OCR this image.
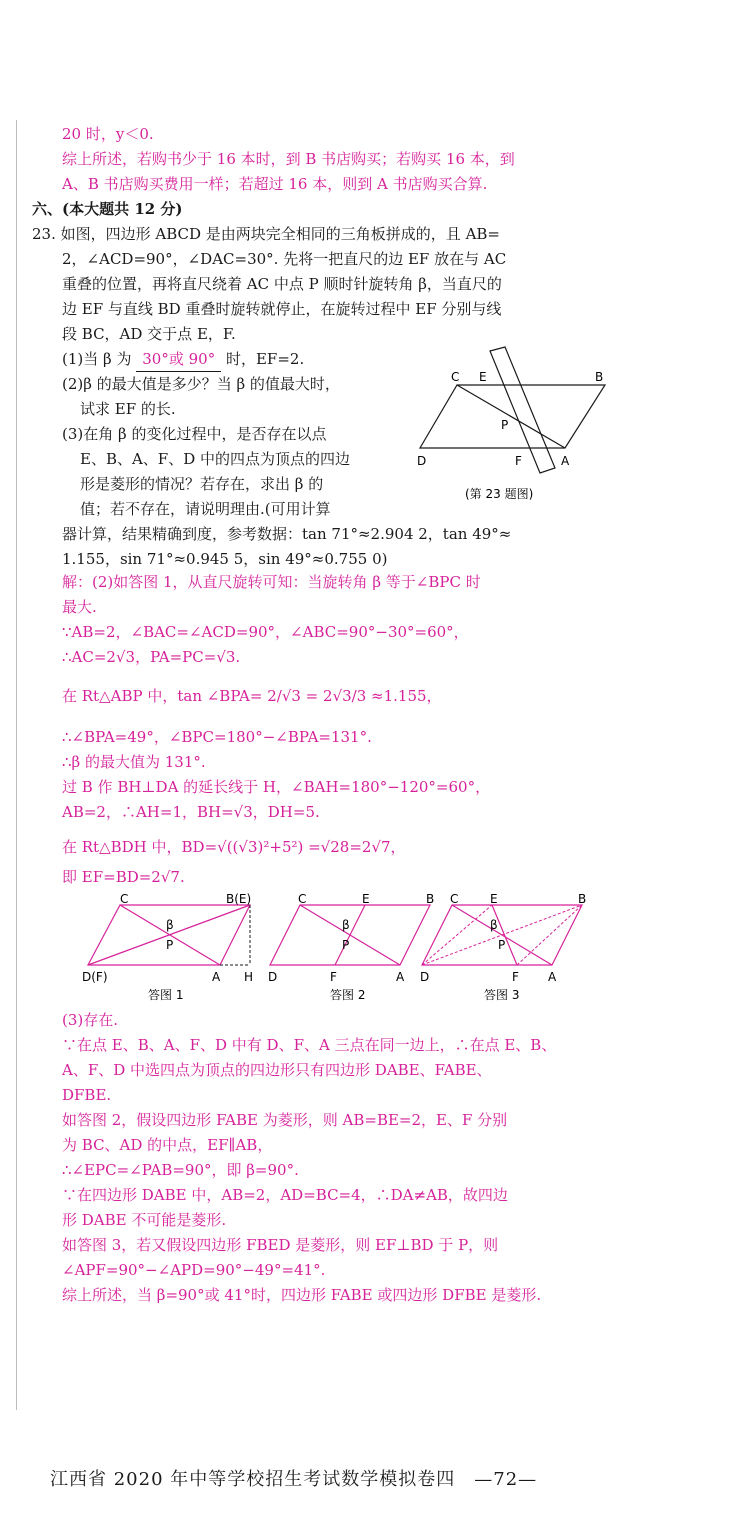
20 时，y＜0.
综上所述，若购书少于 16 本时，到 B 书店购买；若购买 16 本，到
A、B 书店购买费用一样；若超过 16 本，则到 A 书店购买合算.
六、(本大题共 12 分)
23. 如图，四边形 ABCD 是由两块完全相同的三角板拼成的，且 AB=
2，∠ACD=90°，∠DAC=30°. 先将一把直尺的边 EF 放在与 AC
重叠的位置，再将直尺绕着 AC 中点 P 顺时针旋转角 β，当直尺的
边 EF 与直线 BD 重叠时旋转就停止，在旋转过程中 EF 分别与线
段 BC，AD 交于点 E，F.
(1)当 β 为 30°或 90° 时，EF=2.
(2)β 的最大值是多少？当 β 的值最大时，
试求 EF 的长.
(3)在角 β 的变化过程中，是否存在以点
E、B、A、F、D 中的四点为顶点的四边
形是菱形的情况？若存在，求出 β 的
值；若不存在，请说明理由.(可用计算
器计算，结果精确到度，参考数据：tan 71°≈2.904 2，tan 49°≈
1.155，sin 71°≈0.945 5，sin 49°≈0.755 0)
C E	B
P
D	F	A
(第 23 题图)
解：(2)如答图 1，从直尺旋转可知：当旋转角 β 等于∠BPC 时
最大.
∵AB=2，∠BAC=∠ACD=90°，∠ABC=90°−30°=60°，
∴AC=2√3，PA=PC=√3.
在 Rt△ABP 中，tan ∠BPA= 2/√3 = 2√3/3 ≈1.155，
∴∠BPA=49°，∠BPC=180°−∠BPA=131°.
∴β 的最大值为 131°.
过 B 作 BH⊥DA 的延长线于 H，∠BAH=180°−120°=60°，
AB=2，∴AH=1，BH=√3，DH=5.
在 Rt△BDH 中，BD=√((√3)²+5²) =√28=2√7，
即 EF=BD=2√7.
C	B(E)
β
P
D(F)	A H
答图 1
C	E	B
β
P
D	F	A
答图 2
C	E	B
β
P
D	F A
答图 3
(3)存在.
∵在点 E、B、A、F、D 中有 D、F、A 三点在同一边上，∴在点 E、B、
A、F、D 中选四点为顶点的四边形只有四边形 DABE、FABE、
DFBE.
如答图 2，假设四边形 FABE 为菱形，则 AB=BE=2，E、F 分别
为 BC、AD 的中点，EF∥AB，
∴∠EPC=∠PAB=90°，即 β=90°.
∵在四边形 DABE 中，AB=2，AD=BC=4，∴DA≠AB，故四边
形 DABE 不可能是菱形.
如答图 3，若又假设四边形 FBED 是菱形，则 EF⊥BD 于 P，则
∠APF=90°−∠APD=90°−49°=41°.
综上所述，当 β=90°或 41°时，四边形 FABE 或四边形 DFBE 是菱形.
江西省 2020 年中等学校招生考试数学模拟卷四　—72—
